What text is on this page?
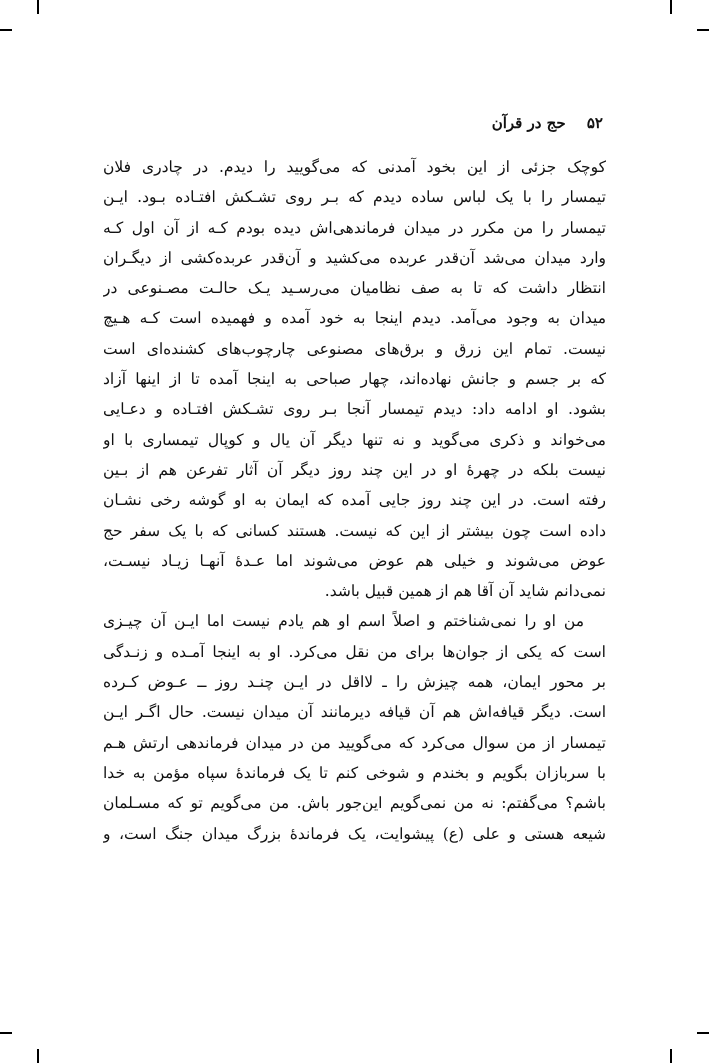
۵۲ حج در قرآن
کوچک جزئی از این بخود آمدنی که می‌گویید را دیدم. در چادری فلان
تیمسار را با یک لباس ساده دیدم که بـر روی تشـکش افتـاده بـود. ایـن
تیمسار را من مکرر در میدان فرماندهی‌اش دیده بودم کـه از آن اول کـه
وارد میدان می‌شد آن‌قدر عربده می‌کشید و آن‌قدر عربده‌کشی از دیگـران
انتظار داشت که تا به صف نظامیان می‌رسـید یـک حالـت مصـنوعی در
میدان به وجود می‌آمد. دیدم اینجا به خود آمده و فهمیده است کـه هـیچ
نیست. تمام این زرق و برق‌های مصنوعی چارچوب‌های کشنده‌ای است
که بر جسم و جانش نهاده‌اند، چهار صباحی به اینجا آمده تا از اینها آزاد
بشود. او ادامه داد: دیدم تیمسار آنجا بـر روی تشـکش افتـاده و دعـایی
می‌خواند و ذکری می‌گوید و نه تنها دیگر آن یال و کوپال تیمساری با او
نیست بلکه در چهرهٔ او در این چند روز دیگر آن آثار تفرعن هم از بـین
رفته است. در این چند روز جایی آمده که ایمان به او گوشه رخی نشـان
داده است چون بیشتر از این که نیست. هستند کسانی که با یک سفر حج
عوض می‌شوند و خیلی هم عوض می‌شوند اما عـدهٔ آنهـا زیـاد نیسـت،
نمی‌دانم شاید آن آقا هم از همین قبیل باشد.
من او را نمی‌شناختم و اصلاً اسم او هم یادم نیست اما ایـن آن چیـزی
است که یکی از جوان‌ها برای من نقل می‌کرد. او به اینجا آمـده و زنـدگی
بر محور ایمان، همه چیزش را ـ لااقل در ایـن چنـد روز ــ عـوض کـرده
است. دیگر قیافه‌اش هم آن قیافه دیرمانند آن میدان نیست. حال اگـر ایـن
تیمسار از من سوال می‌کرد که می‌گویید من در میدان فرماندهی ارتش هـم
با سربازان بگویم و بخندم و شوخی کنم تا یک فرماندهٔ سپاه مؤمن به خدا
باشم؟ می‌گفتم: نه من نمی‌گویم این‌جور باش. من می‌گویم تو که مسـلمان
شیعه هستی و علی (ع) پیشوایت، یک فرماندهٔ بزرگ میدان جنگ است، و
